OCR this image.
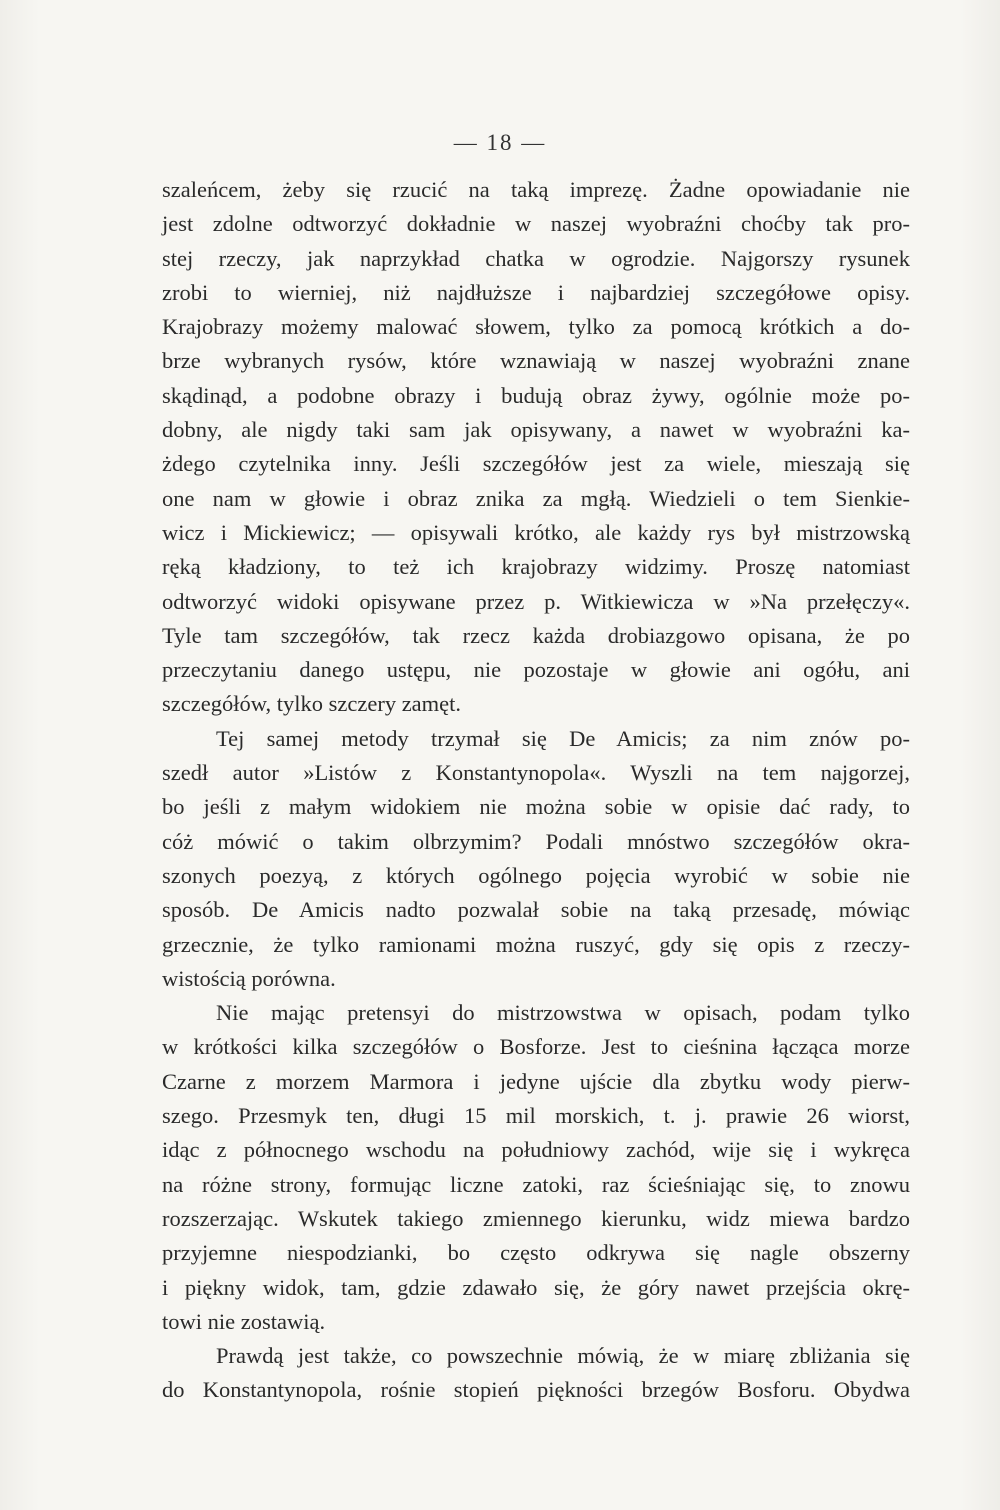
— 18 —
szaleńcem, żeby się rzucić na taką imprezę. Żadne opowiadanie nie
jest zdolne odtworzyć dokładnie w naszej wyobraźni choćby tak pro-
stej rzeczy, jak naprzykład chatka w ogrodzie. Najgorszy rysunek
zrobi to wierniej, niż najdłuższe i najbardziej szczegółowe opisy.
Krajobrazy możemy malować słowem, tylko za pomocą krótkich a do-
brze wybranych rysów, które wznawiają w naszej wyobraźni znane
skądinąd, a podobne obrazy i budują obraz żywy, ogólnie może po-
dobny, ale nigdy taki sam jak opisywany, a nawet w wyobraźni ka-
żdego czytelnika inny. Jeśli szczegółów jest za wiele, mieszają się
one nam w głowie i obraz znika za mgłą. Wiedzieli o tem Sienkie-
wicz i Mickiewicz; — opisywali krótko, ale każdy rys był mistrzowską
ręką kładziony, to też ich krajobrazy widzimy. Proszę natomiast
odtworzyć widoki opisywane przez p. Witkiewicza w »Na przełęczy«.
Tyle tam szczegółów, tak rzecz każda drobiazgowo opisana, że po
przeczytaniu danego ustępu, nie pozostaje w głowie ani ogółu, ani
szczegółów, tylko szczery zamęt.
Tej samej metody trzymał się De Amicis; za nim znów po-
szedł autor »Listów z Konstantynopola«. Wyszli na tem najgorzej,
bo jeśli z małym widokiem nie można sobie w opisie dać rady, to
cóż mówić o takim olbrzymim? Podali mnóstwo szczegółów okra-
szonych poezyą, z których ogólnego pojęcia wyrobić w sobie nie
sposób. De Amicis nadto pozwalał sobie na taką przesadę, mówiąc
grzecznie, że tylko ramionami można ruszyć, gdy się opis z rzeczy-
wistością porówna.
Nie mając pretensyi do mistrzowstwa w opisach, podam tylko
w krótkości kilka szczegółów o Bosforze. Jest to cieśnina łącząca morze
Czarne z morzem Marmora i jedyne ujście dla zbytku wody pierw-
szego. Przesmyk ten, długi 15 mil morskich, t. j. prawie 26 wiorst,
idąc z północnego wschodu na południowy zachód, wije się i wykręca
na różne strony, formując liczne zatoki, raz ścieśniając się, to znowu
rozszerzając. Wskutek takiego zmiennego kierunku, widz miewa bardzo
przyjemne niespodzianki, bo często odkrywa się nagle obszerny
i piękny widok, tam, gdzie zdawało się, że góry nawet przejścia okrę-
towi nie zostawią.
Prawdą jest także, co powszechnie mówią, że w miarę zbliżania się
do Konstantynopola, rośnie stopień piękności brzegów Bosforu. Obydwa
